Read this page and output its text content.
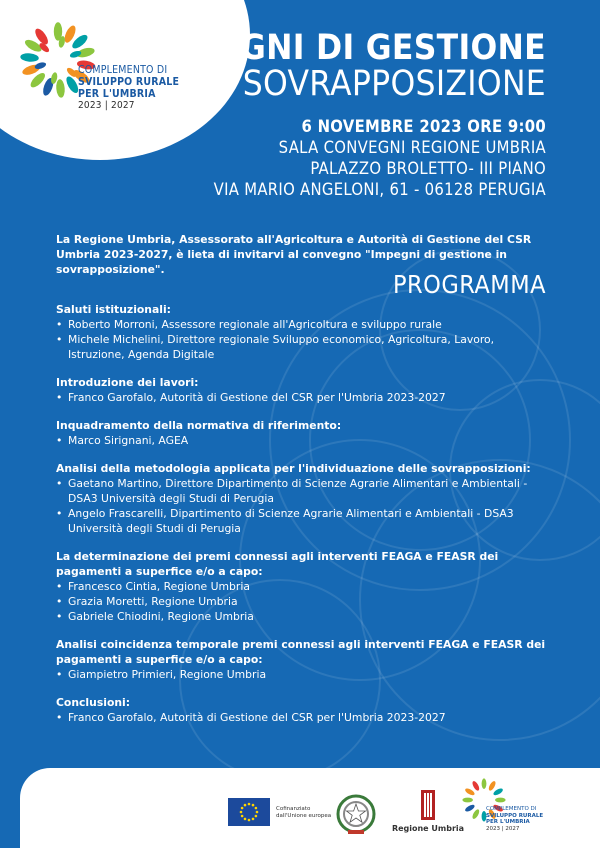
COMPLEMENTO DI
SVILUPPO RURALE
PER L'UMBRIA
2023 | 2027
IMPEGNI DI GESTIONE
IN SOVRAPPOSIZIONE
6 NOVEMBRE 2023 ORE 9:00
SALA CONVEGNI REGIONE UMBRIA
PALAZZO BROLETTO- III PIANO
VIA MARIO ANGELONI, 61 - 06128 PERUGIA
La Regione Umbria, Assessorato all'Agricoltura e Autorità di Gestione del CSR Umbria 2023-2027, è lieta di invitarvi al convegno "Impegni di gestione in sovrapposizione".
PROGRAMMA
Saluti istituzionali:
• Roberto Morroni, Assessore regionale all'Agricoltura e sviluppo rurale
• Michele Michelini, Direttore regionale Sviluppo economico, Agricoltura, Lavoro, Istruzione, Agenda Digitale
Introduzione dei lavori:
• Franco Garofalo, Autorità di Gestione del CSR per l'Umbria 2023-2027
Inquadramento della normativa di riferimento:
• Marco Sirignani, AGEA
Analisi della metodologia applicata per l'individuazione delle sovrapposizioni:
• Gaetano Martino, Direttore Dipartimento di Scienze Agrarie Alimentari e Ambientali - DSA3 Università degli Studi di Perugia
• Angelo Frascarelli, Dipartimento di Scienze Agrarie Alimentari e Ambientali - DSA3 Università degli Studi di Perugia
La determinazione dei premi connessi agli interventi FEAGA e FEASR dei pagamenti a superfice e/o a capo:
• Francesco Cintia, Regione Umbria
• Grazia Moretti, Regione Umbria
• Gabriele Chiodini, Regione Umbria
Analisi coincidenza temporale premi connessi agli interventi FEAGA e FEASR dei pagamenti a superfice e/o a capo:
• Giampietro Primieri, Regione Umbria
Conclusioni:
• Franco Garofalo, Autorità di Gestione del CSR per l'Umbria 2023-2027
Cofinanziato dall'Unione europea
Regione Umbria
COMPLEMENTO DI
SVILUPPO RURALE
PER L'UMBRIA
2023 | 2027
